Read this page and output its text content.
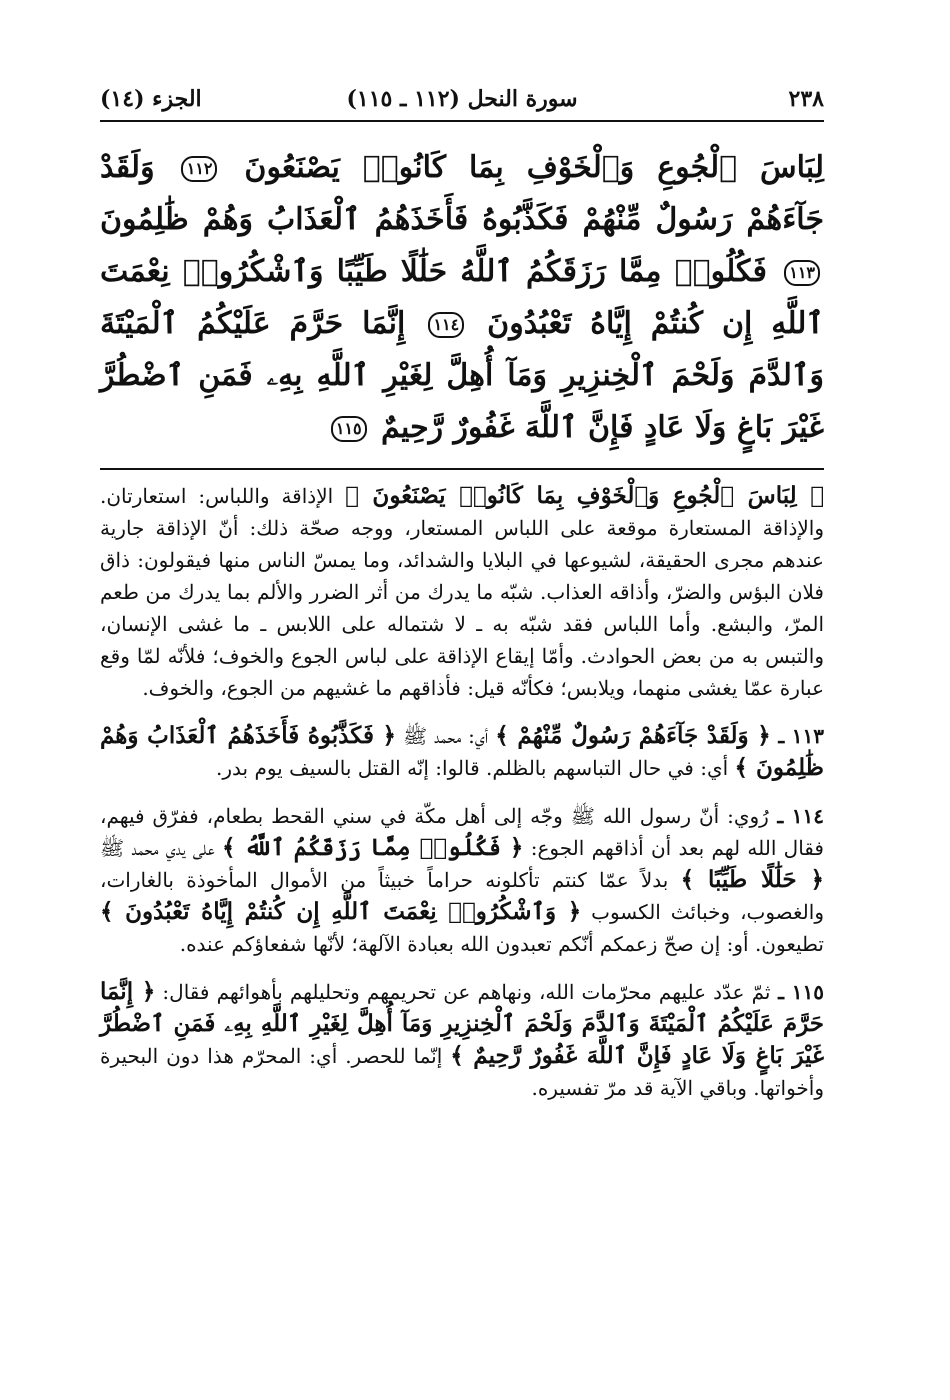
٢٣٨
سورة النحل (١١٢ ـ ١١٥)
الجزء (١٤)
لِبَاسَ ٱلْجُوعِ وَٱلْخَوْفِ بِمَا كَانُوا۟ يَصْنَعُونَ ١١٢ وَلَقَدْ جَآءَهُمْ رَسُولٌ مِّنْهُمْ فَكَذَّبُوهُ فَأَخَذَهُمُ ٱلْعَذَابُ وَهُمْ ظَٰلِمُونَ ١١٣ فَكُلُوا۟ مِمَّا رَزَقَكُمُ ٱللَّهُ حَلَٰلًا طَيِّبًا وَٱشْكُرُوا۟ نِعْمَتَ ٱللَّهِ إِن كُنتُمْ إِيَّاهُ تَعْبُدُونَ ١١٤ إِنَّمَا حَرَّمَ عَلَيْكُمُ ٱلْمَيْتَةَ وَٱلدَّمَ وَلَحْمَ ٱلْخِنزِيرِ وَمَآ أُهِلَّ لِغَيْرِ ٱللَّهِ بِهِۦ فَمَنِ ٱضْطُرَّ غَيْرَ بَاغٍ وَلَا عَادٍ فَإِنَّ ٱللَّهَ غَفُورٌ رَّحِيمٌ ١١٥

﴿ لِبَاسَ ٱلْجُوعِ وَٱلْخَوْفِ بِمَا كَانُوا۟ يَصْنَعُونَ ﴾ الإذاقة واللباس: استعارتان. والإذاقة المستعارة موقعة على اللباس المستعار، ووجه صحّة ذلك: أنّ الإذاقة جارية عندهم مجرى الحقيقة، لشيوعها في البلايا والشدائد، وما يمسّ الناس منها فيقولون: ذاق فلان البؤس والضرّ، وأذاقه العذاب. شبّه ما يدرك من أثر الضرر والألم بما يدرك من طعم المرّ، والبشع. وأما اللباس فقد شبّه به ـ لا شتماله على اللابس ـ ما غشى الإنسان، والتبس به من بعض الحوادث. وأمّا إيقاع الإذاقة على لباس الجوع والخوف؛ فلأنّه لمّا وقع عبارة عمّا يغشى منهما، ويلابس؛ فكأنّه قيل: فأذاقهم ما غشيهم من الجوع، والخوف.

١١٣ ـ ﴿ وَلَقَدْ جَآءَهُمْ رَسُولٌ مِّنْهُمْ ﴾ أي: محمد ﷺ ﴿ فَكَذَّبُوهُ فَأَخَذَهُمُ ٱلْعَذَابُ وَهُمْ ظَٰلِمُونَ ﴾ أي: في حال التباسهم بالظلم. قالوا: إنّه القتل بالسيف يوم بدر.

١١٤ ـ رُوي: أنّ رسول الله ﷺ وجّه إلى أهل مكّة في سني القحط بطعام، ففرّق فيهم، فقال الله لهم بعد أن أذاقهم الجوع: ﴿ فَكُلُوا۟ مِمَّا رَزَقَكُمُ ٱللَّهُ ﴾ على يدي محمد ﷺ ﴿ حَلَٰلًا طَيِّبًا ﴾ بدلاً عمّا كنتم تأكلونه حراماً خبيثاً من الأموال المأخوذة بالغارات، والغصوب، وخبائث الكسوب ﴿ وَٱشْكُرُوا۟ نِعْمَتَ ٱللَّهِ إِن كُنتُمْ إِيَّاهُ تَعْبُدُونَ ﴾ تطيعون. أو: إن صحّ زعمكم أنّكم تعبدون الله بعبادة الآلهة؛ لأنّها شفعاؤكم عنده.

١١٥ ـ ثمّ عدّد عليهم محرّمات الله، ونهاهم عن تحريمهم وتحليلهم بأهوائهم فقال: ﴿ إِنَّمَا حَرَّمَ عَلَيْكُمُ ٱلْمَيْتَةَ وَٱلدَّمَ وَلَحْمَ ٱلْخِنزِيرِ وَمَآ أُهِلَّ لِغَيْرِ ٱللَّهِ بِهِۦ فَمَنِ ٱضْطُرَّ غَيْرَ بَاغٍ وَلَا عَادٍ فَإِنَّ ٱللَّهَ غَفُورٌ رَّحِيمٌ ﴾ إنّما للحصر. أي: المحرّم هذا دون البحيرة وأخواتها. وباقي الآية قد مرّ تفسيره.
